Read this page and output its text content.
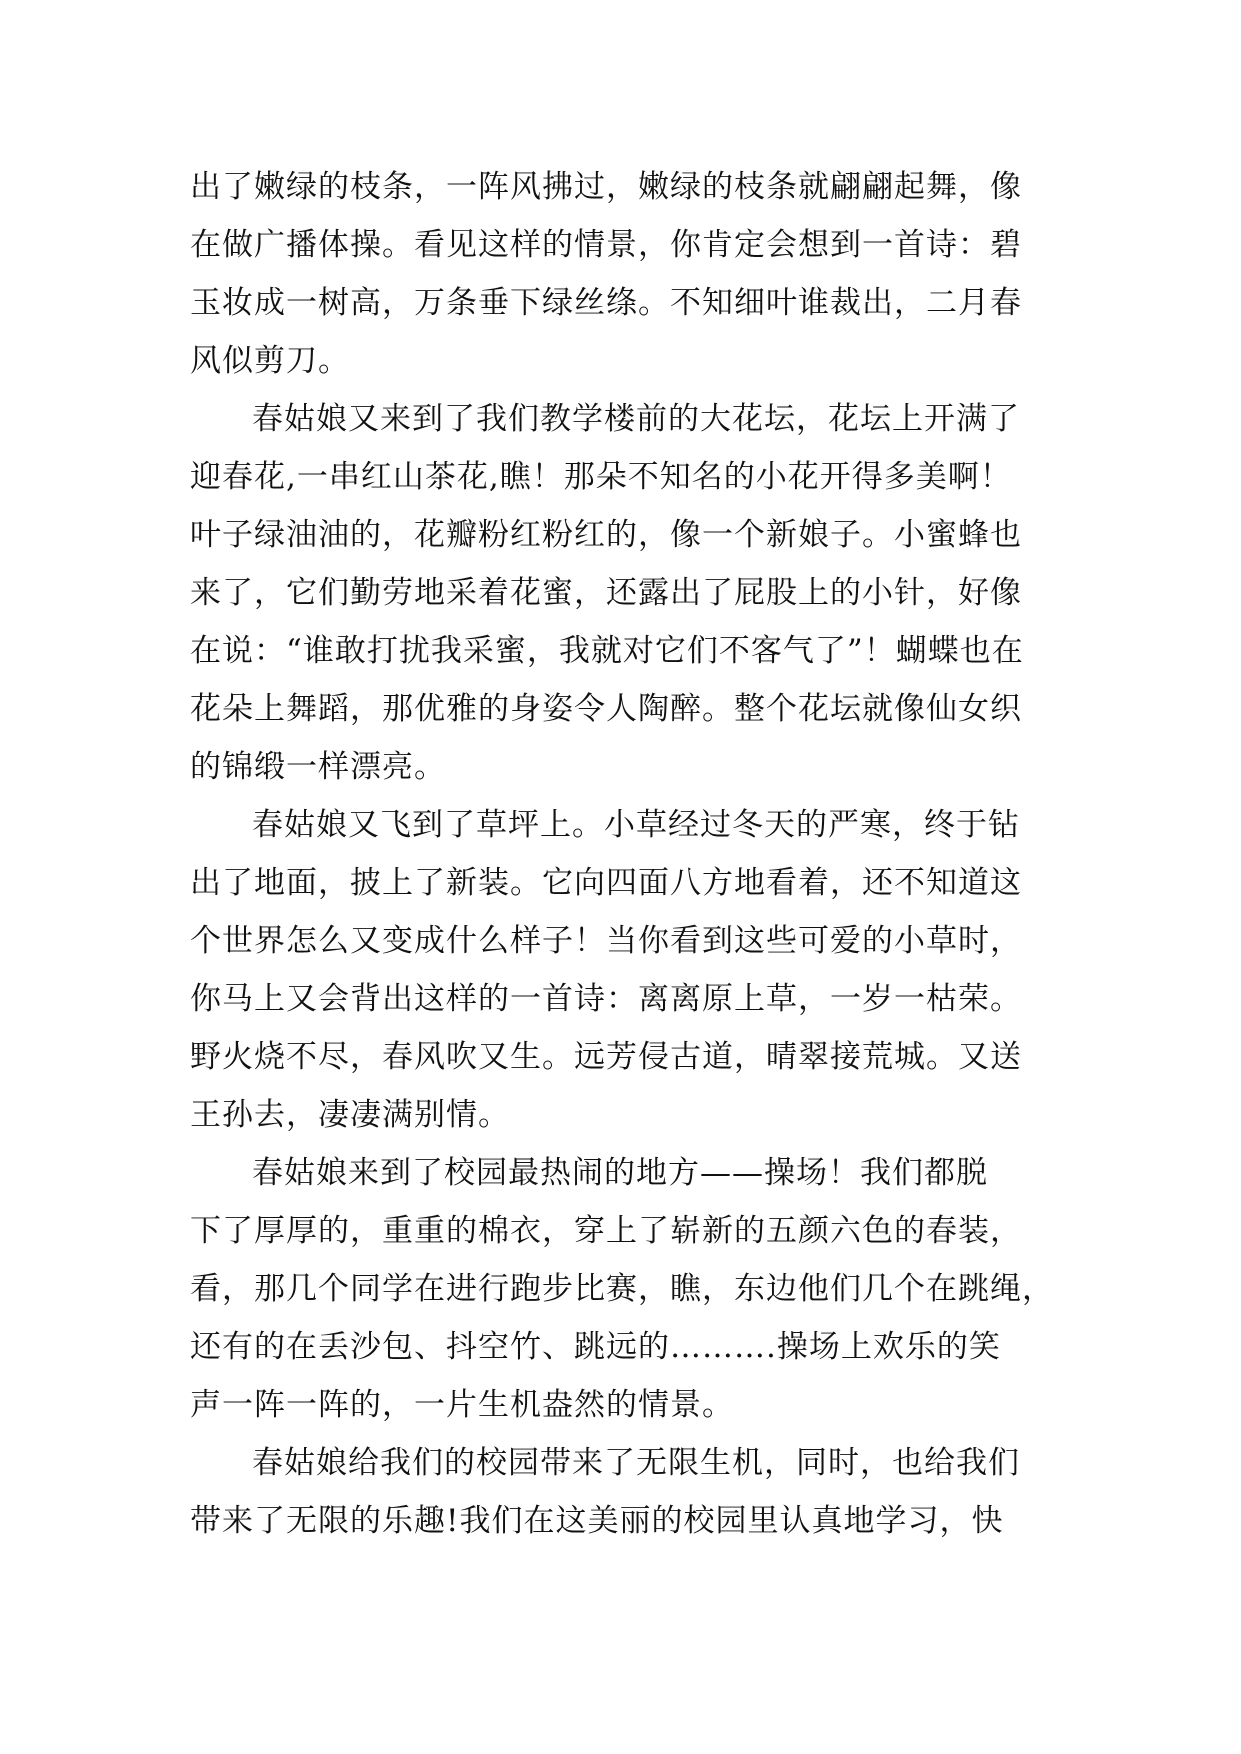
出了嫩绿的枝条，一阵风拂过，嫩绿的枝条就翩翩起舞，像
在做广播体操。看见这样的情景，你肯定会想到一首诗：碧
玉妆成一树高，万条垂下绿丝绦。不知细叶谁裁出，二月春
风似剪刀。
春姑娘又来到了我们教学楼前的大花坛，花坛上开满了
迎春花,一串红山茶花,瞧！那朵不知名的小花开得多美啊！
叶子绿油油的，花瓣粉红粉红的，像一个新娘子。小蜜蜂也
来了，它们勤劳地采着花蜜，还露出了屁股上的小针，好像
在说：“谁敢打扰我采蜜，我就对它们不客气了”！蝴蝶也在
花朵上舞蹈，那优雅的身姿令人陶醉。整个花坛就像仙女织
的锦缎一样漂亮。
春姑娘又飞到了草坪上。小草经过冬天的严寒，终于钻
出了地面，披上了新装。它向四面八方地看着，还不知道这
个世界怎么又变成什么样子！当你看到这些可爱的小草时，
你马上又会背出这样的一首诗：离离原上草，一岁一枯荣。
野火烧不尽，春风吹又生。远芳侵古道，晴翠接荒城。又送
王孙去，凄凄满别情。
春姑娘来到了校园最热闹的地方——操场！我们都脱
下了厚厚的，重重的棉衣，穿上了崭新的五颜六色的春装，
看，那几个同学在进行跑步比赛，瞧，东边他们几个在跳绳，
还有的在丢沙包、抖空竹、跳远的……….操场上欢乐的笑
声一阵一阵的，一片生机盎然的情景。
春姑娘给我们的校园带来了无限生机，同时，也给我们
带来了无限的乐趣!我们在这美丽的校园里认真地学习，快
